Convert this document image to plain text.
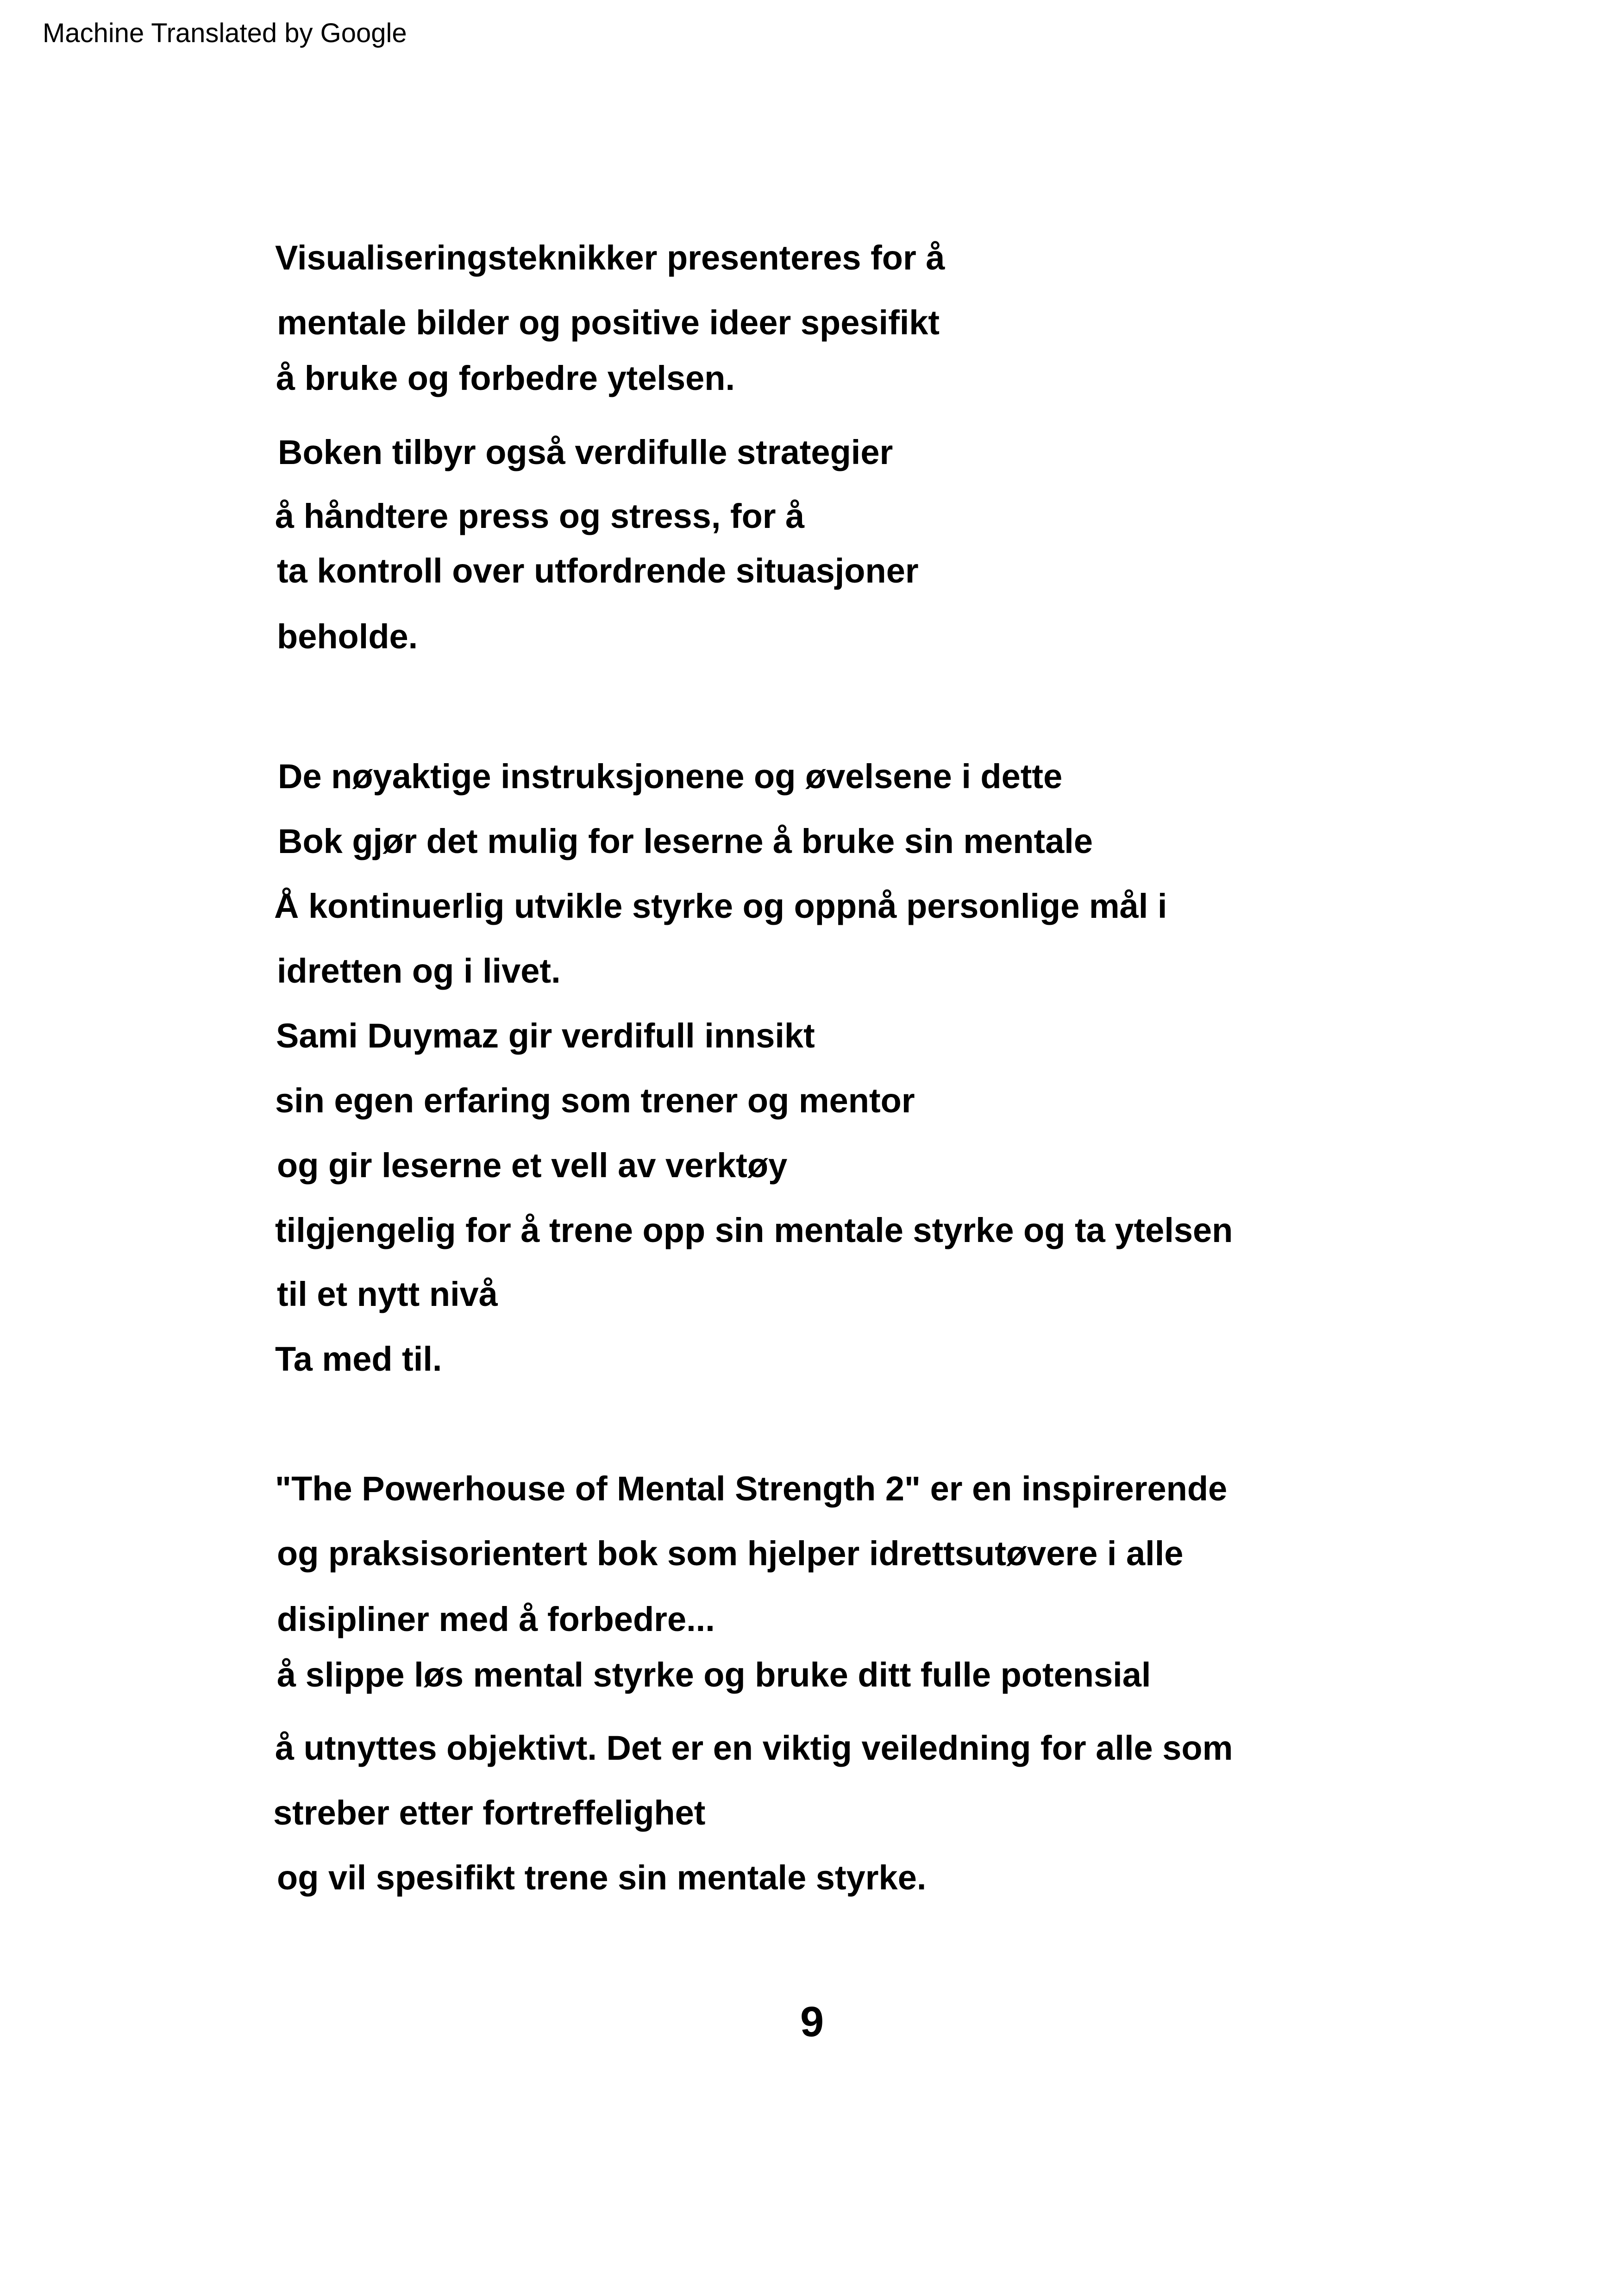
Machine Translated by Google
Visualiseringsteknikker presenteres for å
mentale bilder og positive ideer spesifikt
å bruke og forbedre ytelsen.
Boken tilbyr også verdifulle strategier
å håndtere press og stress, for å
ta kontroll over utfordrende situasjoner
beholde.
De nøyaktige instruksjonene og øvelsene i dette
Bok gjør det mulig for leserne å bruke sin mentale
Å kontinuerlig utvikle styrke og oppnå personlige mål i
idretten og i livet.
Sami Duymaz gir verdifull innsikt
sin egen erfaring som trener og mentor
og gir leserne et vell av verktøy
tilgjengelig for å trene opp sin mentale styrke og ta ytelsen
til et nytt nivå
Ta med til.
"The Powerhouse of Mental Strength 2" er en inspirerende
og praksisorientert bok som hjelper idrettsutøvere i alle
disipliner med å forbedre...
å slippe løs mental styrke og bruke ditt fulle potensial
å utnyttes objektivt. Det er en viktig veiledning for alle som
streber etter fortreffelighet
og vil spesifikt trene sin mentale styrke.
9
